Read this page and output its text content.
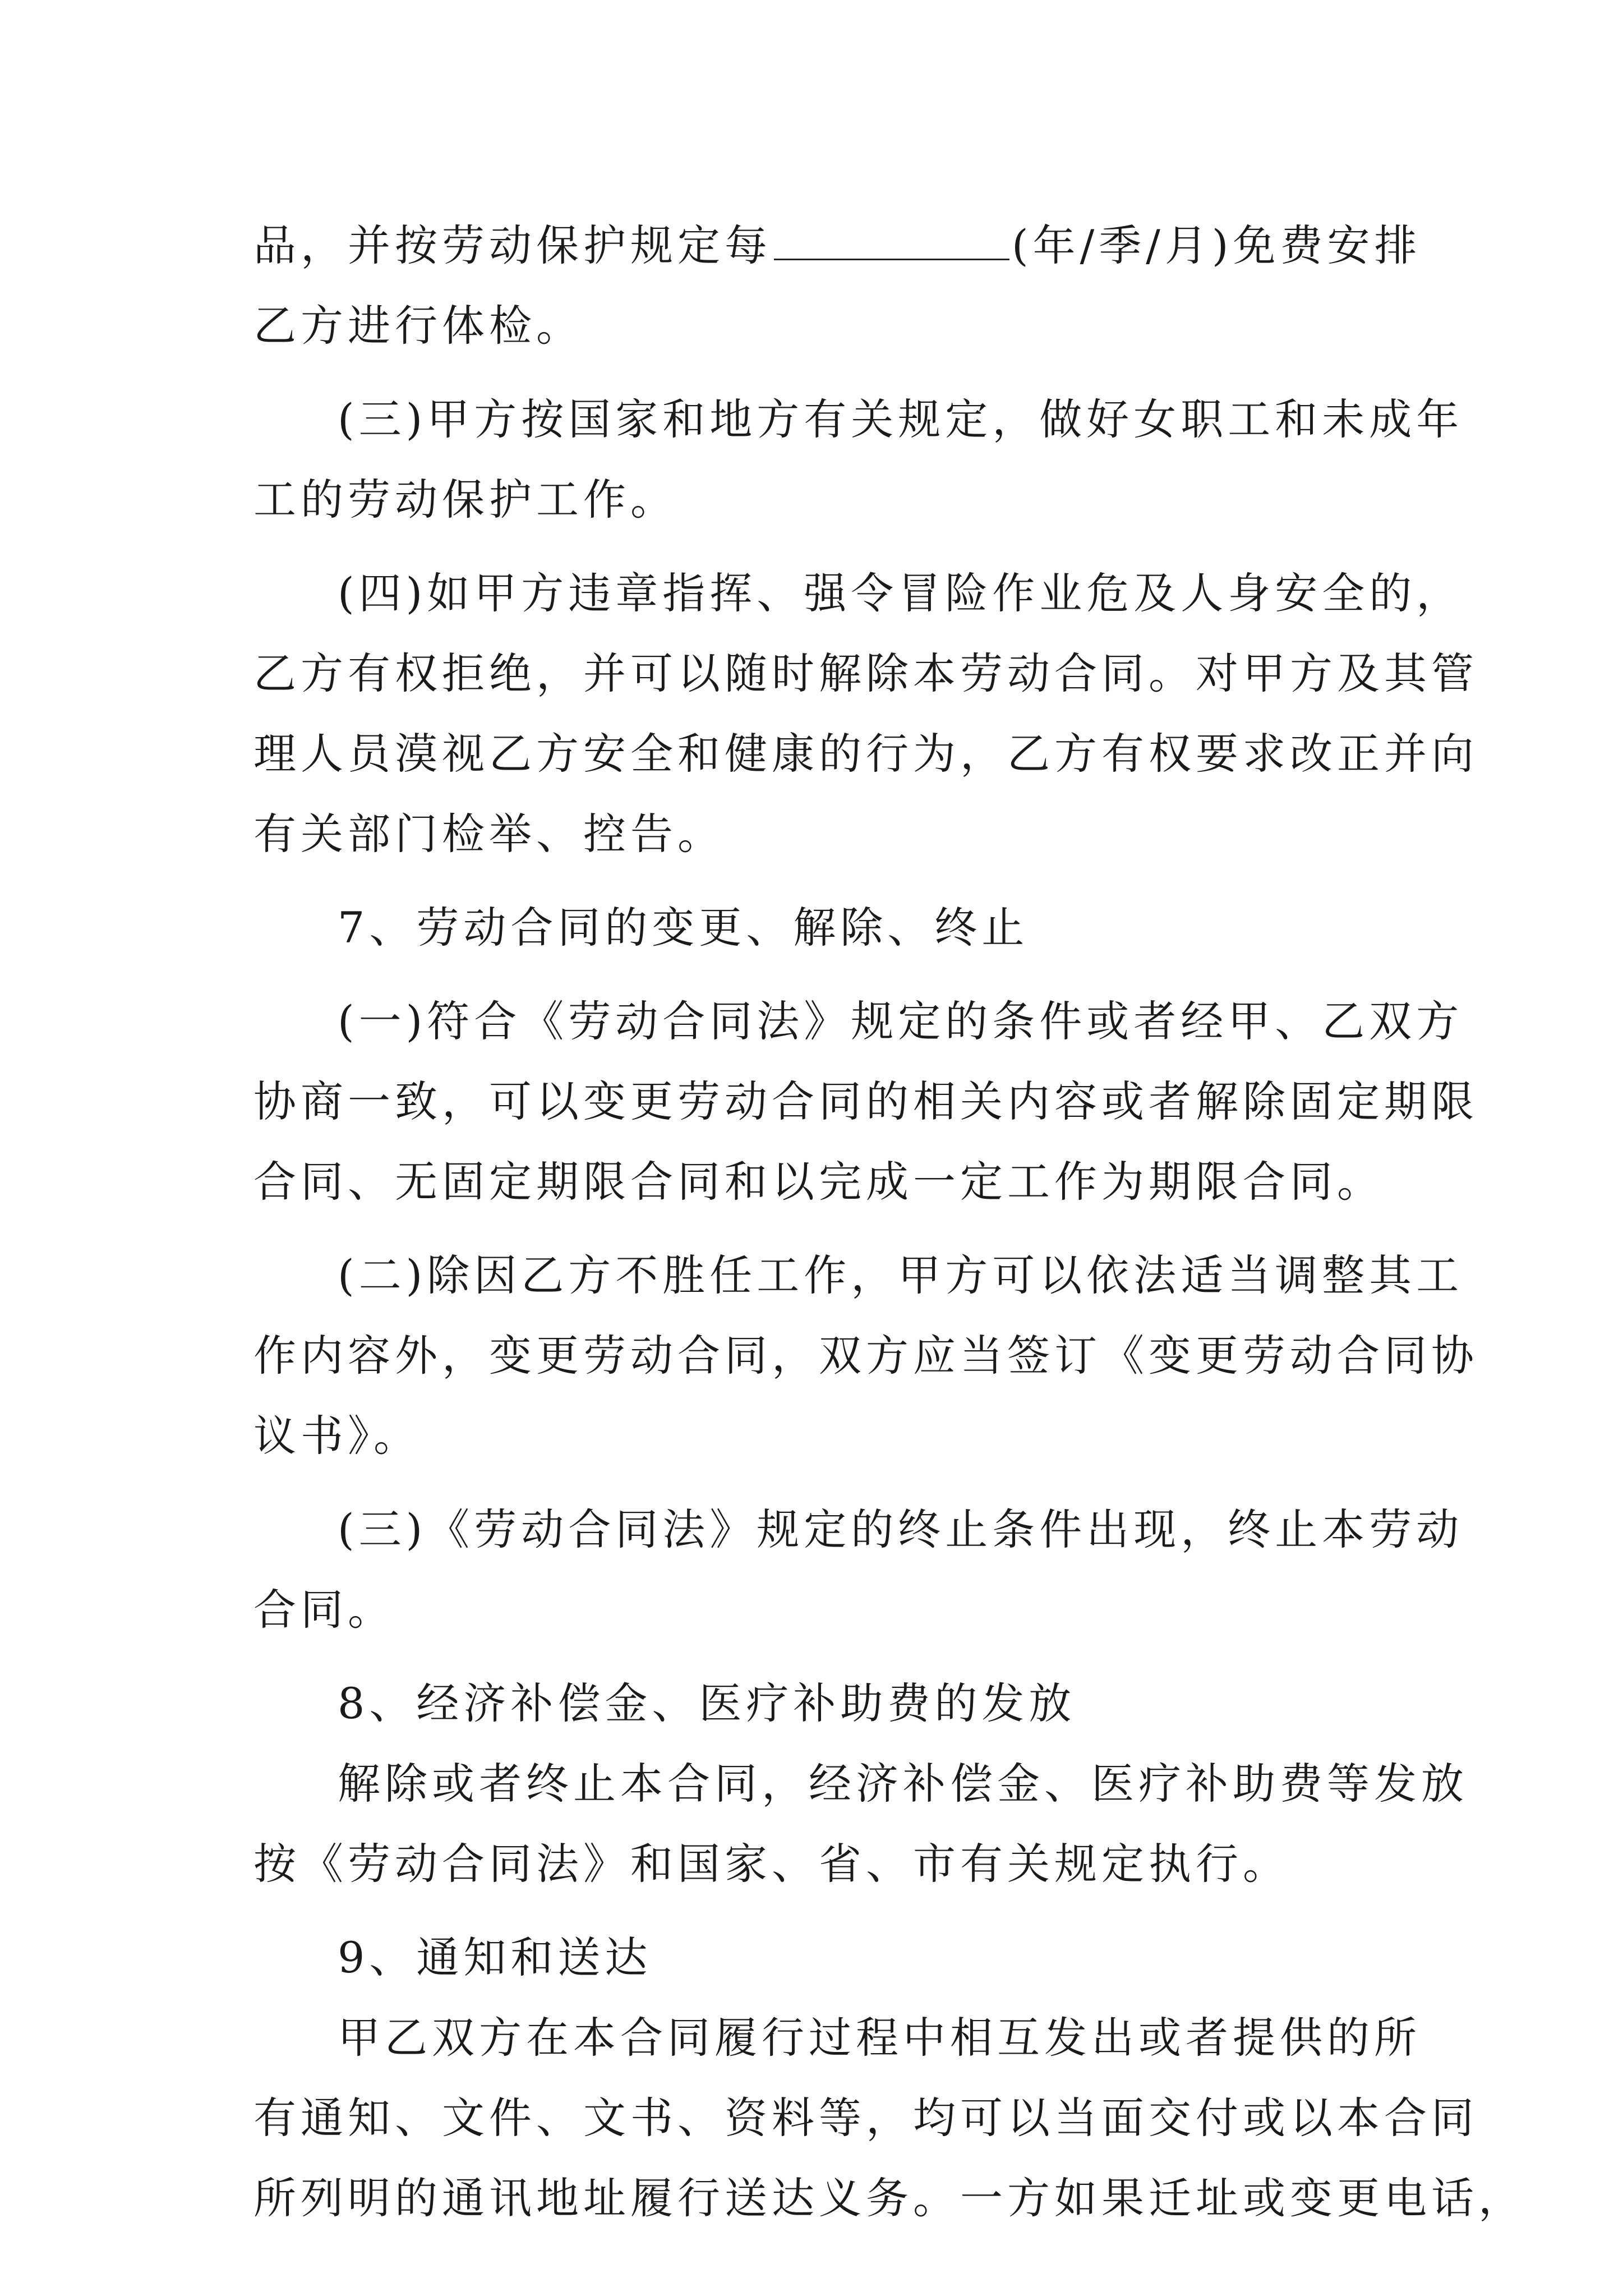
品，并按劳动保护规定每	(年/季/月)免费安排
乙方进行体检。
(三)甲方按国家和地方有关规定，做好女职工和未成年
工的劳动保护工作。
(四)如甲方违章指挥、强令冒险作业危及人身安全的，
乙方有权拒绝，并可以随时解除本劳动合同。对甲方及其管
理人员漠视乙方安全和健康的行为，乙方有权要求改正并向
有关部门检举、控告。
7、劳动合同的变更、解除、终止
(一)符合《劳动合同法》规定的条件或者经甲、乙双方
协商一致，可以变更劳动合同的相关内容或者解除固定期限
合同、无固定期限合同和以完成一定工作为期限合同。
(二)除因乙方不胜任工作，甲方可以依法适当调整其工
作内容外，变更劳动合同，双方应当签订《变更劳动合同协
议书》。
(三)《劳动合同法》规定的终止条件出现，终止本劳动
合同。
8、经济补偿金、医疗补助费的发放
解除或者终止本合同，经济补偿金、医疗补助费等发放
按《劳动合同法》和国家、省、市有关规定执行。
9、通知和送达
甲乙双方在本合同履行过程中相互发出或者提供的所
有通知、文件、文书、资料等，均可以当面交付或以本合同
所列明的通讯地址履行送达义务。一方如果迁址或变更电话，
